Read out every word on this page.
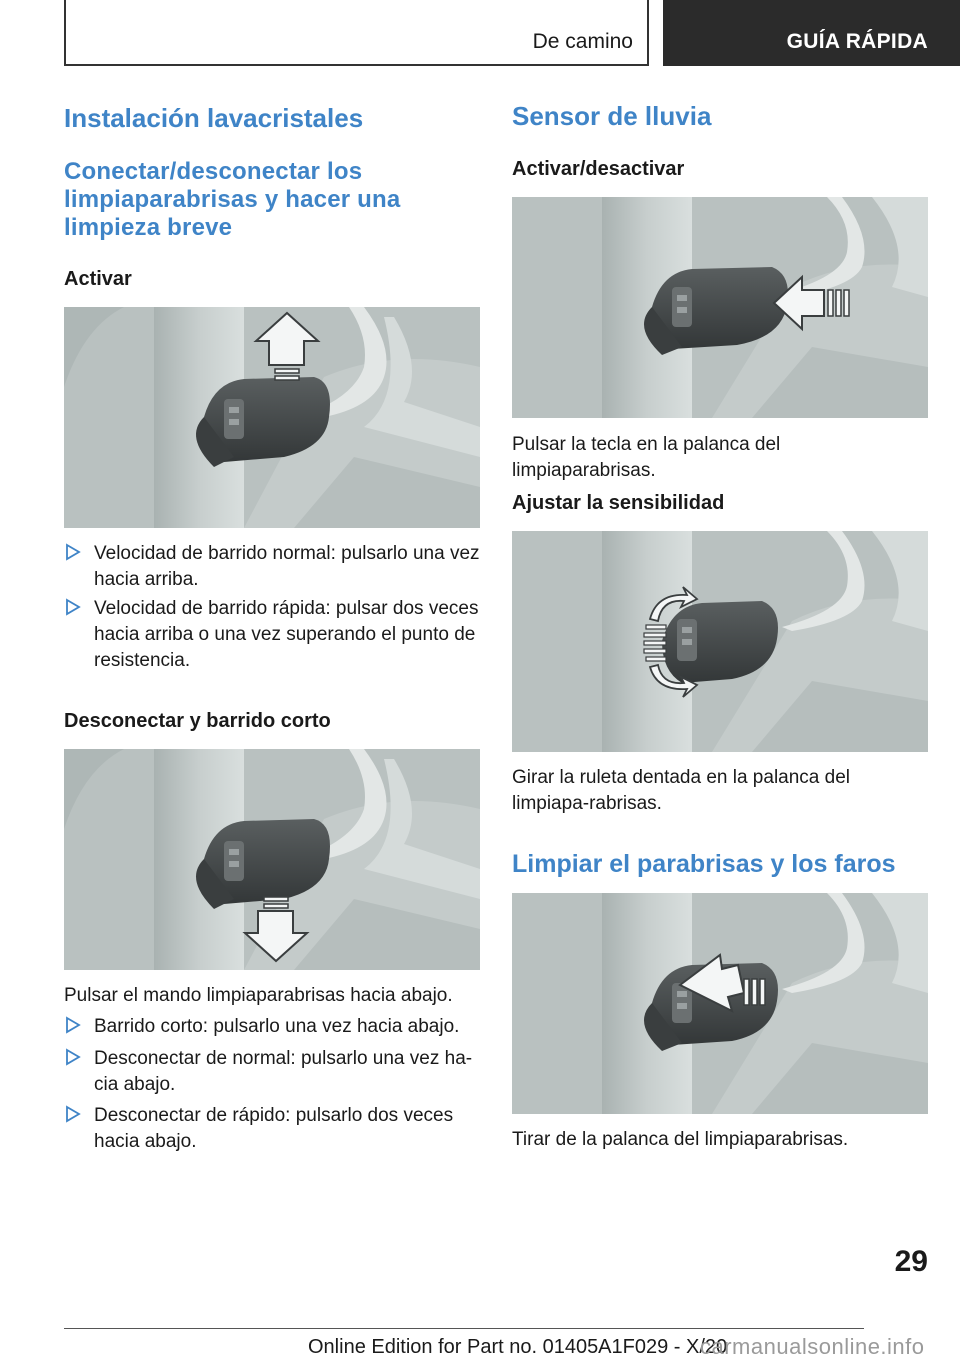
De camino	GUÍA RÁPIDA
Instalación lavacristales
Conectar/desconectar los limpiaparabrisas y hacer una limpieza breve
Activar
Velocidad de barrido normal: pulsarlo una vez hacia arriba.
Velocidad de barrido rápida: pulsar dos veces hacia arriba o una vez superando el punto de resistencia.
Desconectar y barrido corto
Pulsar el mando limpiaparabrisas hacia abajo.
Barrido corto: pulsarlo una vez hacia abajo.
Desconectar de normal: pulsarlo una vez ha‐cia abajo.
Desconectar de rápido: pulsarlo dos veces hacia abajo.
Sensor de lluvia
Activar/desactivar
Pulsar la tecla en la palanca del limpiaparabrisas.
Ajustar la sensibilidad
Girar la ruleta dentada en la palanca del limpiapa‐rabrisas.
Limpiar el parabrisas y los faros
Tirar de la palanca del limpiaparabrisas.
29
Online Edition for Part no. 01405A1F029 - X/20
carmanualsonline.info
